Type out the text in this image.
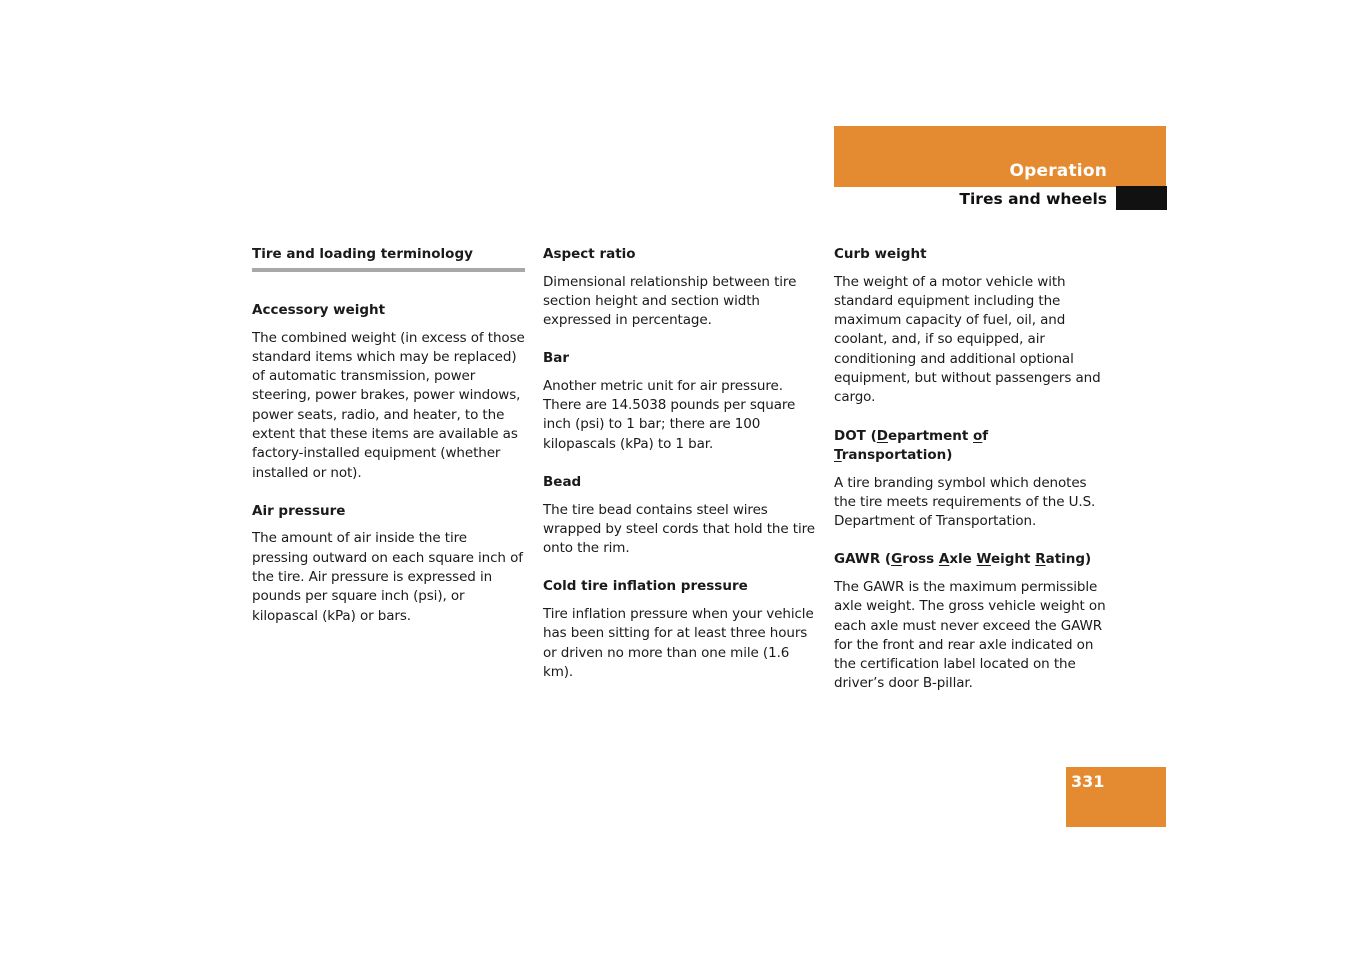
Operation
Tires and wheels
Tire and loading terminology
Accessory weight

The combined weight (in excess of those standard items which may be replaced) of automatic transmission, power steering, power brakes, power windows, power seats, radio, and heater, to the extent that these items are available as factory-installed equipment (whether installed or not).

Air pressure

The amount of air inside the tire pressing outward on each square inch of the tire. Air pressure is expressed in pounds per square inch (psi), or kilopascal (kPa) or bars.

Aspect ratio

Dimensional relationship between tire section height and section width expressed in percentage.

Bar

Another metric unit for air pressure. There are 14.5038 pounds per square inch (psi) to 1 bar; there are 100 kilopascals (kPa) to 1 bar.

Bead

The tire bead contains steel wires wrapped by steel cords that hold the tire onto the rim.

Cold tire inflation pressure

Tire inflation pressure when your vehicle has been sitting for at least three hours or driven no more than one mile (1.6 km).

Curb weight

The weight of a motor vehicle with standard equipment including the maximum capacity of fuel, oil, and coolant, and, if so equipped, air conditioning and additional optional equipment, but without passengers and cargo.

DOT (Department of Transportation)

A tire branding symbol which denotes the tire meets requirements of the U.S. Department of Transportation.

GAWR (Gross Axle Weight Rating)

The GAWR is the maximum permissible axle weight. The gross vehicle weight on each axle must never exceed the GAWR for the front and rear axle indicated on the certification label located on the driver’s door B-pillar.

331
